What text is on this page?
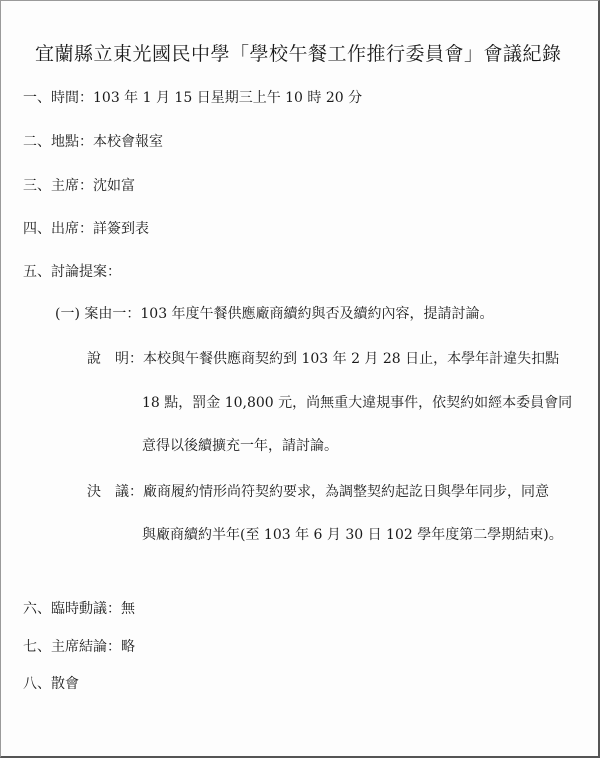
宜蘭縣立東光國民中學「學校午餐工作推行委員會」會議紀錄
一、時間：103 年 1 月 15 日星期三上午 10 時 20 分
二、地點：本校會報室
三、主席：沈如富
四、出席：詳簽到表
五、討論提案：
(一) 案由一：103 年度午餐供應廠商續約與否及續約內容，提請討論。
說　明：本校與午餐供應商契約到 103 年 2 月 28 日止，本學年計違失扣點
18 點，罰金 10,800 元，尚無重大違規事件，依契約如經本委員會同
意得以後續擴充一年，請討論。
決　議：廠商履約情形尚符契約要求，為調整契約起訖日與學年同步，同意
與廠商續約半年(至 103 年 6 月 30 日 102 學年度第二學期結束)。
六、臨時動議：無
七、主席結論：略
八、散會
